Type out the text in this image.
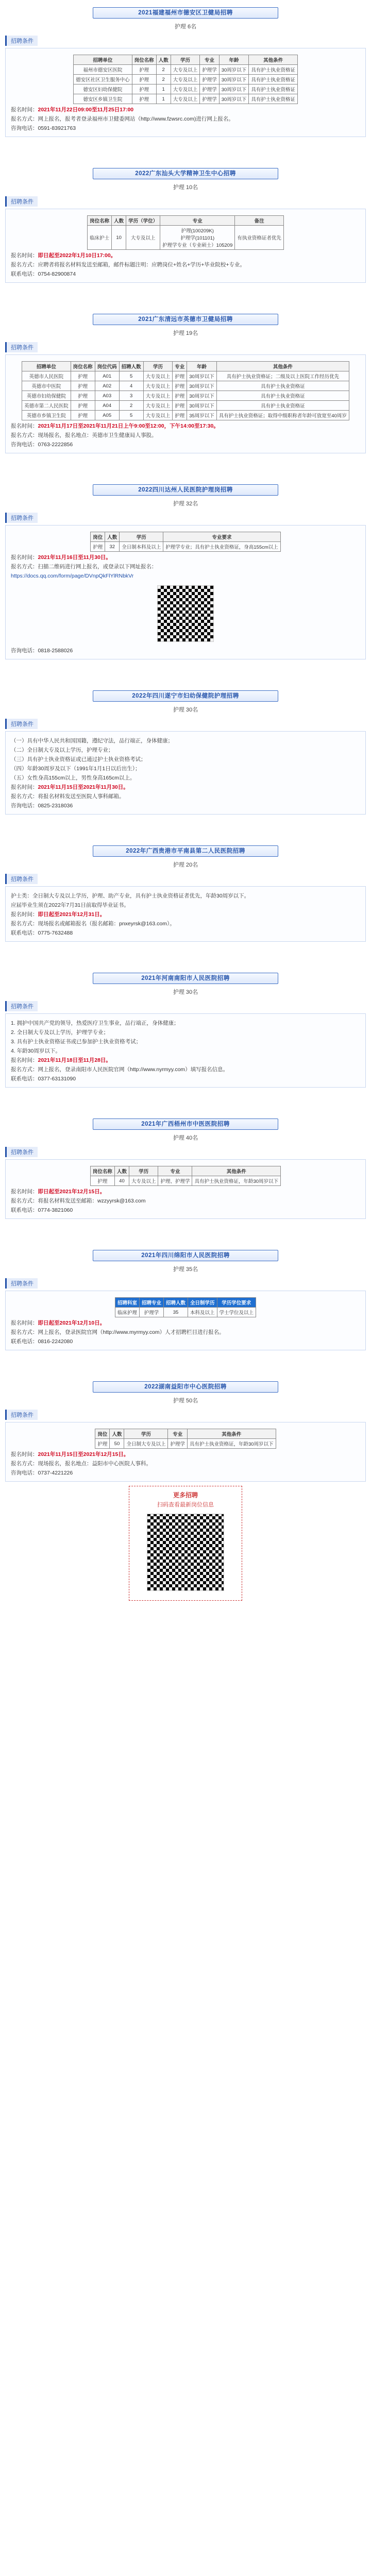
2021福建福州市德安区卫健局招聘
护理 6名
招聘条件
招聘单位	岗位名称	人数	学历	专业	年龄	其他条件
福州市德安区医院	护理	2	大专及以上	护理学	30周岁以下	具有护士执业资格证
德安区社区卫生服务中心	护理	2	大专及以上	护理学	30周岁以下	具有护士执业资格证
德安区妇幼保健院	护理	1	大专及以上	护理学	30周岁以下	具有护士执业资格证
德安区乡镇卫生院	护理	1	大专及以上	护理学	30周岁以下	具有护士执业资格证
报名时间：2021年11月22日09:00至11月25日17:00
报名方式：网上报名，报考者登录福州市卫健委网站（http://www.fzwsrc.com)进行网上报名。
咨询电话：0591-83921763
2022广东汕头大学精神卫生中心招聘
护理 10名
招聘条件
岗位名称	人数	学历（学位）	专业	备注
临床护士	10	大专及以上	护理(100209K)
护理学(101101)
护理学专业（专业硕士）105209	有执业资格证者优先
报名时间：即日起至2022年1月10日17:00。
报名方式：应聘者将报名材料发送至邮箱，邮件标题注明：应聘岗位+姓名+学历+毕业院校+专业。
联系电话：0754-82900874
2021广东清远市英德市卫健局招聘
护理 19名
招聘条件
招聘单位	岗位名称	岗位代码	招聘人数	学历	专业	年龄	其他条件
英德市人民医院	护理	A01	5	大专及以上	护理	30周岁以下	具有护士执业资格证；二级及以上医院工作经历优先
英德市中医院	护理	A02	4	大专及以上	护理	30周岁以下	具有护士执业资格证
英德市妇幼保健院	护理	A03	3	大专及以上	护理	30周岁以下	具有护士执业资格证
英德市第二人民医院	护理	A04	2	大专及以上	护理	30周岁以下	具有护士执业资格证
英德市乡镇卫生院	护理	A05	5	大专及以上	护理	35周岁以下	具有护士执业资格证；取得中级职称者年龄可放宽至40周岁
报名时间：2021年11月17日至2021年11月21日上午9:00至12:00，下午14:00至17:30。
报名方式：现场报名，报名地点：英德市卫生健康局人事股。
咨询电话：0763-2222856
2022四川达州人民医院护理岗招聘
护理 32名
招聘条件
岗位	人数	学历	专业要求
护理	32	全日制本科及以上	护理学专业；具有护士执业资格证，身高155cm以上
报名时间：2021年11月16日至11月30日。
报名方式：扫描二维码进行网上报名，或登录以下网址报名：
https://docs.qq.com/form/page/DVnpQkFlYlRNbkVr
咨询电话：0818-2588026
2022年四川遂宁市妇幼保健院护理招聘
护理 30名
招聘条件
（一）具有中华人民共和国国籍，遵纪守法，品行端正，身体健康；
（二）全日制大专及以上学历，护理专业；
（三）具有护士执业资格证或已通过护士执业资格考试；
（四）年龄30周岁及以下（1991年1月1日以后出生）；
（五）女性身高155cm以上，男性身高165cm以上。
报名时间：2021年11月15日至2021年11月30日。
报名方式：将报名材料发送至医院人事科邮箱。
咨询电话：0825-2318036
2022年广西贵港市平南县第二人民医院招聘
护理 20名
招聘条件
护士类：全日制大专及以上学历，护理、助产专业，具有护士执业资格证者优先，年龄30周岁以下。
应届毕业生须在2022年7月31日前取得毕业证书。
报名时间：即日起至2021年12月31日。
报名方式：现场报名或邮箱报名（报名邮箱：pnxeyrsk@163.com）。
联系电话：0775-7632488
2021年河南南阳市人民医院招聘
护理 30名
招聘条件
1. 拥护中国共产党的领导，热爱医疗卫生事业，品行端正，身体健康；
2. 全日制大专及以上学历，护理学专业；
3. 具有护士执业资格证书或已参加护士执业资格考试；
4. 年龄30周岁以下。
报名时间：2021年11月18日至11月28日。
报名方式：网上报名，登录南阳市人民医院官网（http://www.nyrmyy.com）填写报名信息。
联系电话：0377-63131090
2021年广西梧州市中医医院招聘
护理 40名
招聘条件
岗位名称	人数	学历	专业	其他条件
护理	40	大专及以上	护理、护理学	具有护士执业资格证，年龄30周岁以下
报名时间：即日起至2021年12月15日。
报名方式：将报名材料发送至邮箱：wzzyyrsk@163.com
联系电话：0774-3821060
2021年四川绵阳市人民医院招聘
护理 35名
招聘条件
招聘科室	招聘专业	招聘人数	全日制学历	学历学位要求
临床护理	护理学	35	本科及以上	学士学位及以上
报名时间：即日起至2021年12月10日。
报名方式：网上报名，登录医院官网（http://www.myrmyy.com）人才招聘栏目进行报名。
联系电话：0816-2242080
2022湖南益阳市中心医院招聘
护理 50名
招聘条件
岗位	人数	学历	专业	其他条件
护理	50	全日制大专及以上	护理学	具有护士执业资格证，年龄30周岁以下
报名时间：2021年11月15日至2021年12月15日。
报名方式：现场报名，报名地点：益阳市中心医院人事科。
咨询电话：0737-4221226
更多招聘
扫码查看最新岗位信息
